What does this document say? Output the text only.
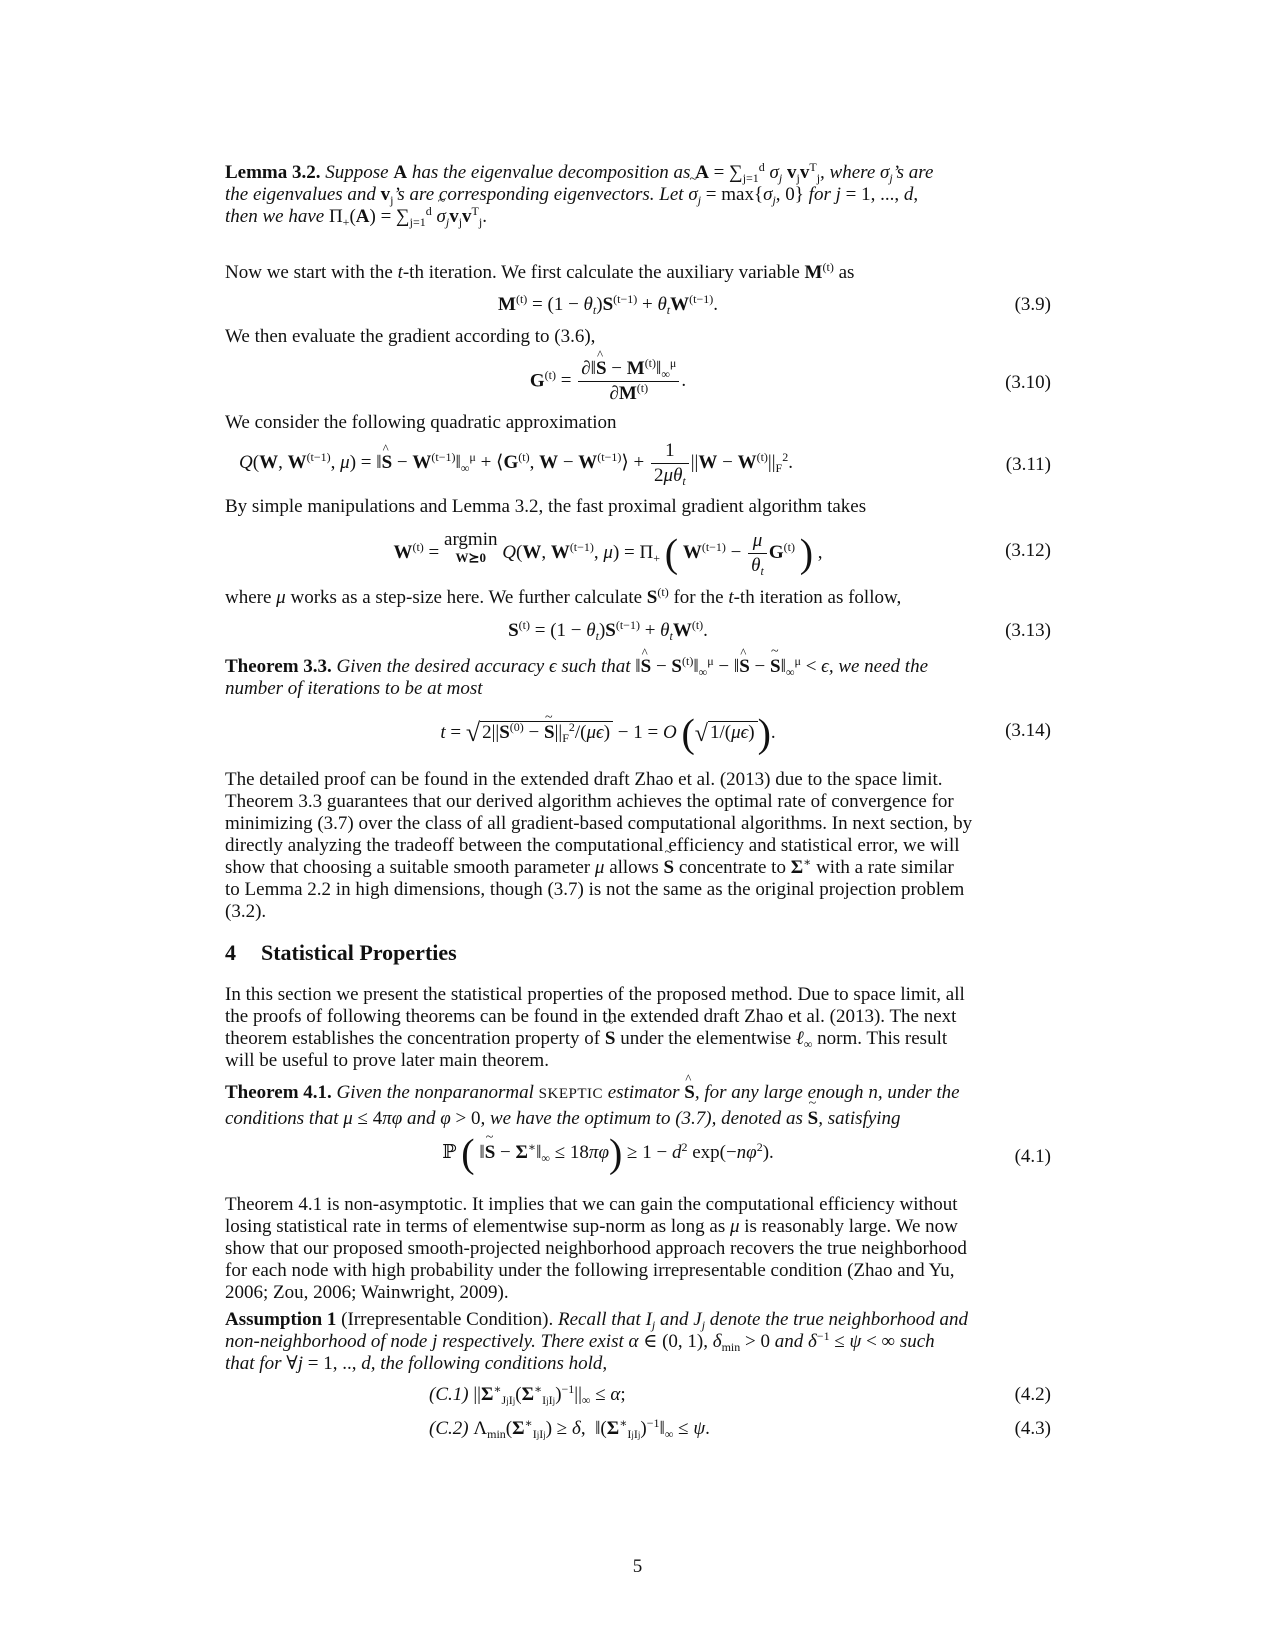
Lemma 3.2. Suppose A has the eigenvalue decomposition as $A = \sum_{j=1}^d$ $\sigma_j$ $v_jv^T_j$, where $\sigma_j’s$ are
the eigenvalues and $v_j’s$ are corresponding eigenvectors. Let ~ $\sigma_j = \max\{\sigma_j$, 0} for j = 1, ..., d,
then we have $\Pi_+(A) = \sum_{j=1}^d$ ~ $\sigma_jv_jv^T_j$.
Now we start with the t-th iteration. We first calculate the auxiliary variable $M^{(t)}$ as
$M^{(t)} = (1 - \theta_t)S^{(t-1)} + \theta_tW^{(t-1)}$.	(3.9)
We then evaluate the gradient according to (3.6),
$G^{(t)} = \frac{\partial‖\^{} S - M^{(t)}‖_\infty^\mu}{\partial M^{(t)}}$ .	(3.10)
We consider the following quadratic approximation
Q(W, $W^{(t-1)}$, μ) = ‖^ $S - W^{(t-1)}‖_\infty^\mu$ + $⟨G^{(t)}$, $W - W^{(t-1)}⟩ + \frac{1}{2\mu\theta_t} ||W - W^{(t)}||_F^2$.	(3.11)
By simple manipulations and Lemma 3.2, the fast proximal gradient algorithm takes
$W^{(t)} = argmin$
W⪰0 Q(W, $W^{(t-1)}$, $\mu) = \Pi_+$ ( $W^{(t-1)} - \frac{\mu}{\theta_t} G^{(t)}$ ) ,	(3.12)
where μ works as a step-size here. We further calculate $S^{(t)}$ for the t-th iteration as follow,
$S^{(t)} = (1 - \theta_t)S^{(t-1)} + \theta_tW^{(t)}$.	(3.13)
Theorem 3.3. Given the desired accuracy ϵ such that ‖^ $S - S^{(t)}‖_\infty^\mu$ − ‖^ S − ~ $S‖_\infty^\mu < \epsilon$, we need the
number of iterations to be at most
t = √ $2||S^{(0)}$ − ~ $S||_F^2/(\mu\epsilon) - 1 = O$ (√ 1/(μϵ)).	(3.14)
The detailed proof can be found in the extended draft Zhao et al. (2013) due to the space limit.
Theorem 3.3 guarantees that our derived algorithm achieves the optimal rate of convergence for
minimizing (3.7) over the class of all gradient-based computational algorithms. In next section, by
directly analyzing the tradeoff between the computational efficiency and statistical error, we will
show that choosing a suitable smooth parameter μ allows ~ S concentrate to Σ∗ with a rate similar
to Lemma 2.2 in high dimensions, though (3.7) is not the same as the original projection problem
(3.2).
4 Statistical Properties
In this section we present the statistical properties of the proposed method. Due to space limit, all
the proofs of following theorems can be found in the extended draft Zhao et al. (2013). The next
theorem establishes the concentration property of ~ S under the elementwise ℓ$_\infty$ norm. This result
will be useful to prove later main theorem.
Theorem 4.1. Given the nonparanormal SKEPTIC estimator ^ S, for any large enough n, under the
conditions that μ ≤ 4πφ and φ > 0, we have the optimum to (3.7), denoted as ~ S, satisfying
ℙ ( ‖~ $S - \Sigma^∗‖_\infty \le 18\pi\varphi) \ge 1 - d^2$ $\exp(-n\varphi^2)$.	(4.1)
Theorem 4.1 is non-asymptotic. It implies that we can gain the computational efficiency without
losing statistical rate in terms of elementwise sup-norm as long as μ is reasonably large. We now
show that our proposed smooth-projected neighborhood approach recovers the true neighborhood
for each node with high probability under the following irrepresentable condition (Zhao and Yu,
2006; Zou, 2006; Wainwright, 2009).
Assumption 1 (Irrepresentable Condition). Recall that $I_j$ and $J_j$ denote the true neighborhood and
non-neighborhood of node j respectively. There exist α ∈ (0, 1), $\delta_{min} > 0$ and $\delta^{-1} \le \psi$ < ∞ such
that for ∀j = 1, .., d, the following conditions hold,
(C.1) $||\Sigma^∗_{JjIj}(\Sigma^∗_{IjIj})^{-1}||_\infty \le \alpha$;	(4.2)
(C.2) $\Lambda_{min}(\Sigma^∗_{IjIj}) \ge \delta$,  $‖(\Sigma^∗_{IjIj})^{-1}‖_\infty \le \psi$.	(4.3)
5
